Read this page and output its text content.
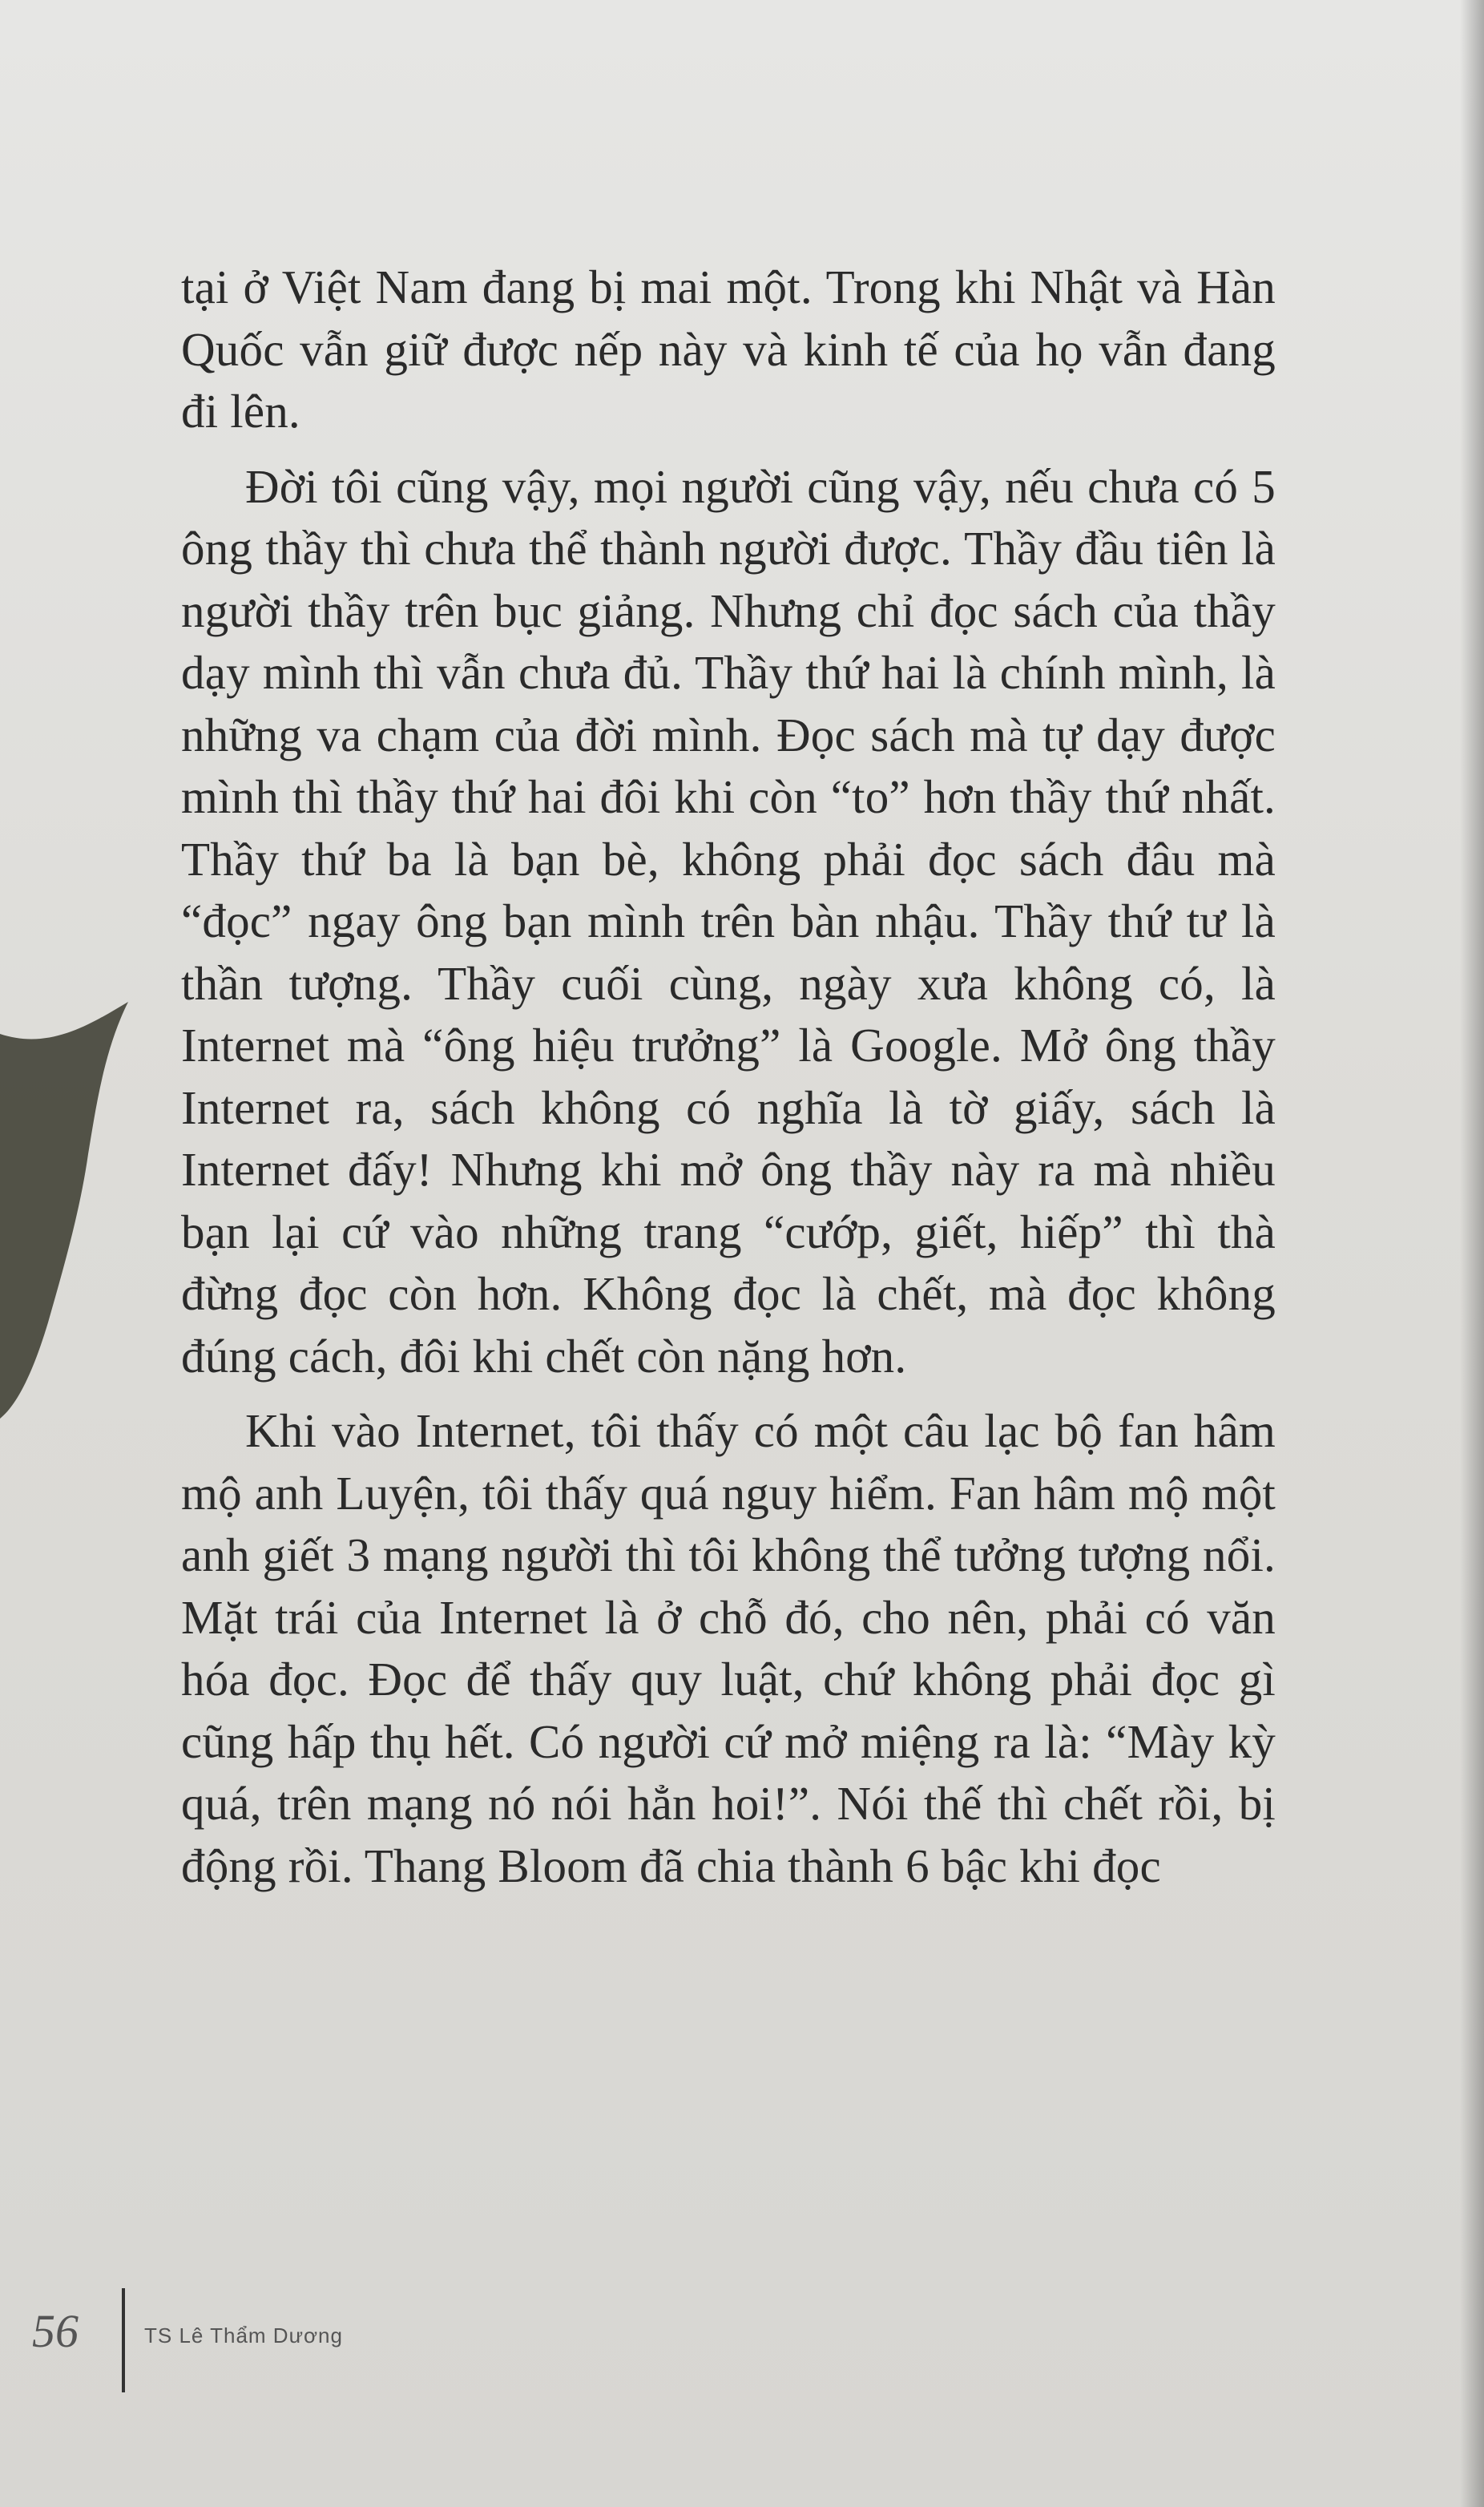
tại ở Việt Nam đang bị mai một. Trong khi Nhật và Hàn Quốc vẫn giữ được nếp này và kinh tế của họ vẫn đang đi lên.

Đời tôi cũng vậy, mọi người cũng vậy, nếu chưa có 5 ông thầy thì chưa thể thành người được. Thầy đầu tiên là người thầy trên bục giảng. Nhưng chỉ đọc sách của thầy dạy mình thì vẫn chưa đủ. Thầy thứ hai là chính mình, là những va chạm của đời mình. Đọc sách mà tự dạy được mình thì thầy thứ hai đôi khi còn “to” hơn thầy thứ nhất. Thầy thứ ba là bạn bè, không phải đọc sách đâu mà “đọc” ngay ông bạn mình trên bàn nhậu. Thầy thứ tư là thần tượng. Thầy cuối cùng, ngày xưa không có, là Internet mà “ông hiệu trưởng” là Google. Mở ông thầy Internet ra, sách không có nghĩa là tờ giấy, sách là Internet đấy! Nhưng khi mở ông thầy này ra mà nhiều bạn lại cứ vào những trang “cướp, giết, hiếp” thì thà đừng đọc còn hơn. Không đọc là chết, mà đọc không đúng cách, đôi khi chết còn nặng hơn.

Khi vào Internet, tôi thấy có một câu lạc bộ fan hâm mộ anh Luyện, tôi thấy quá nguy hiểm. Fan hâm mộ một anh giết 3 mạng người thì tôi không thể tưởng tượng nổi. Mặt trái của Internet là ở chỗ đó, cho nên, phải có văn hóa đọc. Đọc để thấy quy luật, chứ không phải đọc gì cũng hấp thụ hết. Có người cứ mở miệng ra là: “Mày kỳ quá, trên mạng nó nói hẳn hoi!”. Nói thế thì chết rồi, bị động rồi. Thang Bloom đã chia thành 6 bậc khi đọc

56	TS Lê Thẩm Dương
